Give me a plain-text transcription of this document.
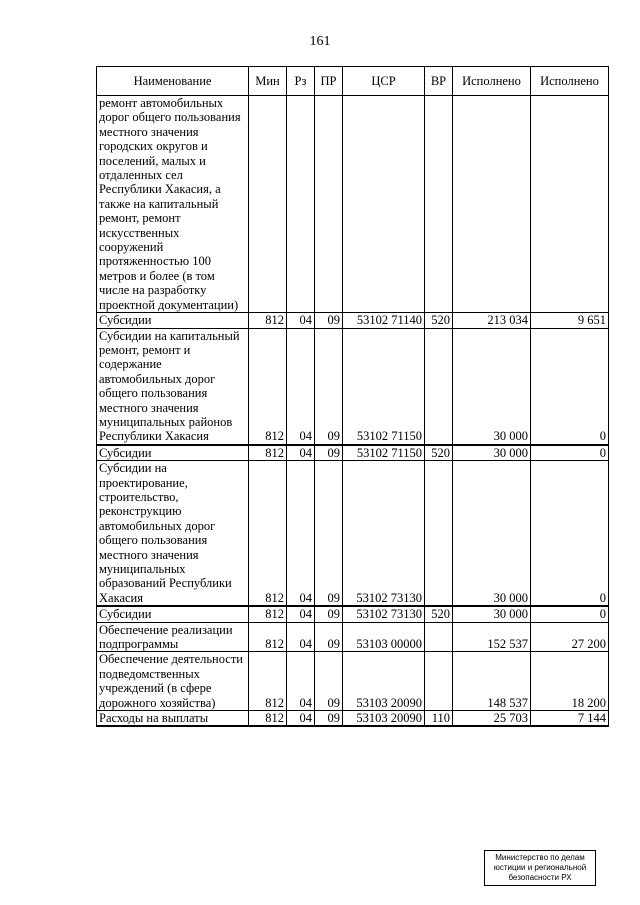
161
Наименование	Мин	Рз	ПР	ЦСР	ВР	Исполнено	Исполнено
ремонт автомобильных дорог общего пользования местного значения городских округов и поселений, малых и отдаленных сел Республики Хакасия, а также на капитальный ремонт, ремонт искусственных сооружений протяженностью 100 метров и более (в том числе на разработку проектной документации)							
Субсидии	812	04	09	53102 71140	520	213 034	9 651
Субсидии на капитальный ремонт, ремонт и содержание автомобильных дорог общего пользования местного значения муниципальных районов Республики Хакасия	812	04	09	53102 71150		30 000	0
Субсидии	812	04	09	53102 71150	520	30 000	0
Субсидии на проектирование, строительство, реконструкцию автомобильных дорог общего пользования местного значения муниципальных образований Республики Хакасия	812	04	09	53102 73130		30 000	0
Субсидии	812	04	09	53102 73130	520	30 000	0
Обеспечение реализации подпрограммы	812	04	09	53103 00000		152 537	27 200
Обеспечение деятельности подведомственных учреждений (в сфере дорожного хозяйства)	812	04	09	53103 20090		148 537	18 200
Расходы на выплаты	812	04	09	53103 20090	110	25 703	7 144
Министерство по делам
юстиции и региональной
безопасности РХ
